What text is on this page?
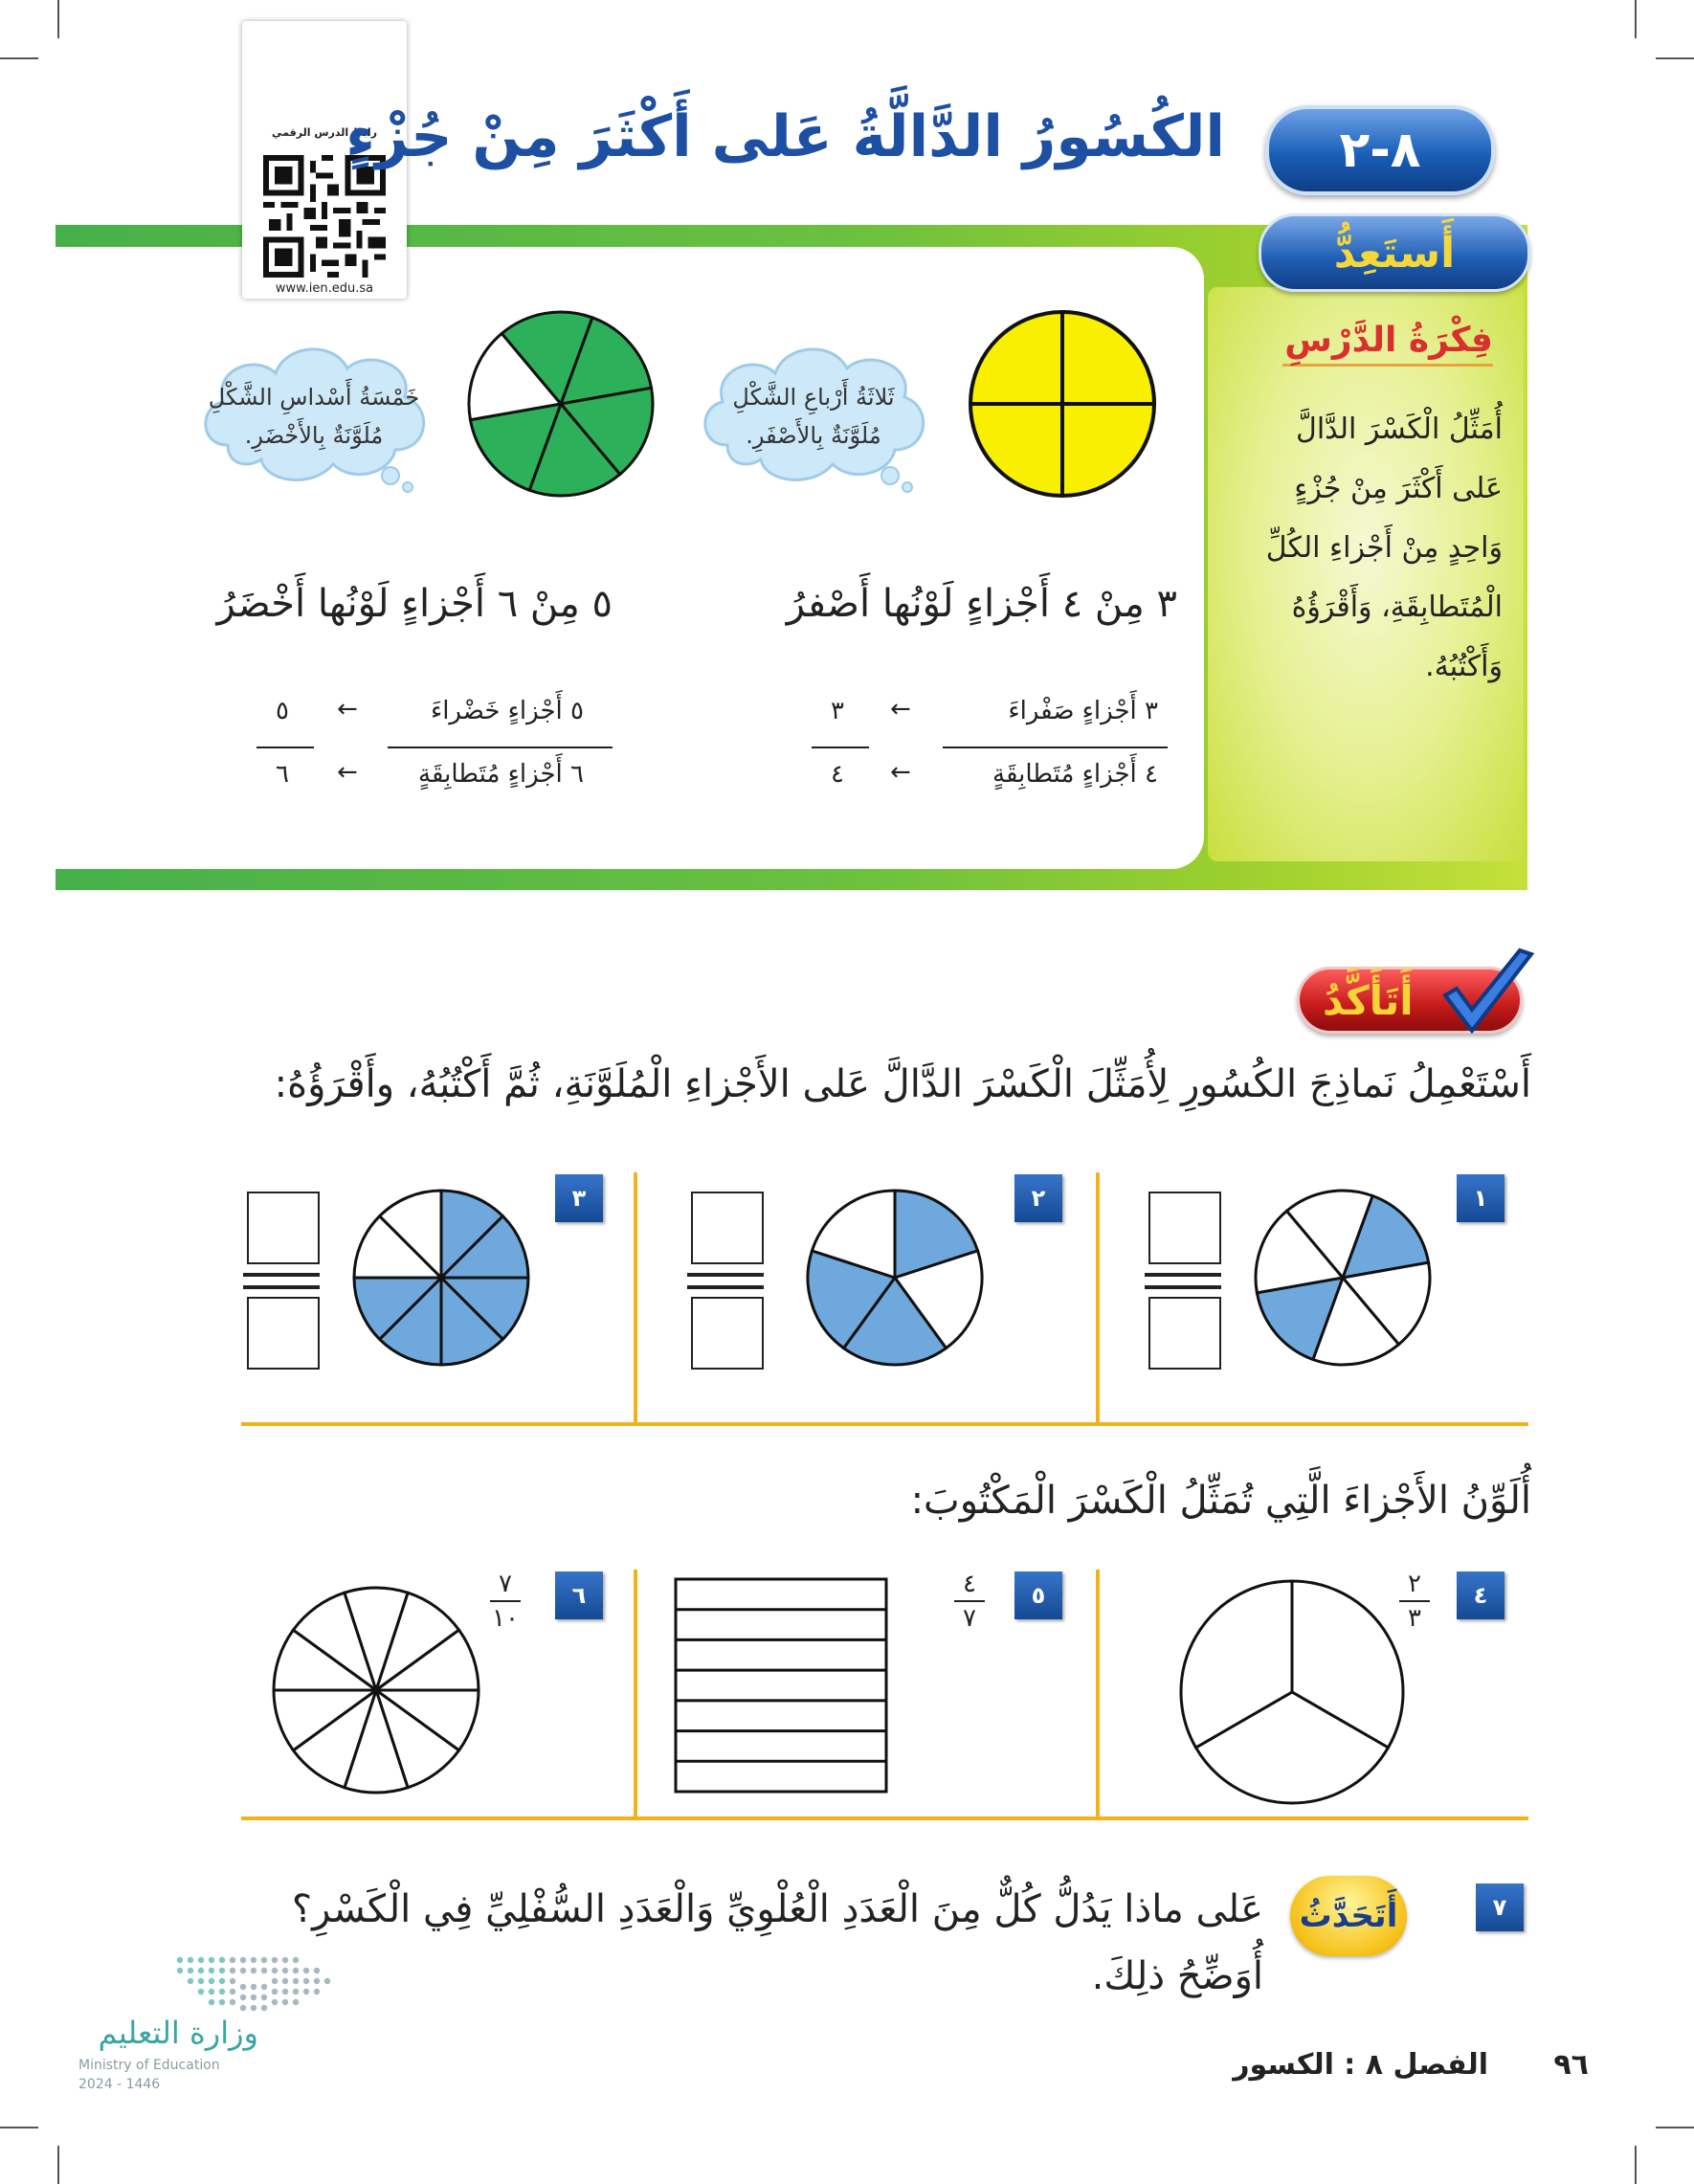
أَستَعِدُّ
فِكْرَةُ الدَّرْسِ
أُمَثِّلُ الْكَسْرَ الدَّالَّ
عَلى أَكْثَرَ مِنْ جُزْءٍ
وَاحِدٍ مِنْ أَجْزاءِ الكُلِّ
الْمُتَطابِقَةِ، وَأَقْرَؤُهُ
وَأَكْتُبُهُ.
رابط الدرس الرقمي
www.ien.edu.sa
٨-٢
الكُسُورُ الدَّالَّةُ عَلى أَكْثَرَ مِنْ جُزْءٍ
ثَلاثَةُ أَرْباعِ الشَّكْلِ
مُلَوَّنَةٌ بِالأَصْفَرِ.
٣ مِنْ ٤ أَجْزاءٍ لَوْنُها أَصْفرُ
٣ أَجْزاءٍ صَفْراءَ
←
٣
٤ أَجْزاءٍ مُتَطابِقَةٍ
←
٤
خَمْسَةُ أَسْداسِ الشَّكْلِ
مُلَوَّنَةٌ بِالأَخْضَرِ.
٥ مِنْ ٦ أَجْزاءٍ لَوْنُها أَخْضَرُ
٥ أَجْزاءٍ خَضْراءَ
←
٥
٦ أَجْزاءٍ مُتَطابِقَةٍ
←
٦
أَتَأَكَّدُ
أَسْتَعْمِلُ نَماذِجَ الكُسُورِ لِأُمَثِّلَ الْكَسْرَ الدَّالَّ عَلى الأَجْزاءِ الْمُلَوَّنَةِ، ثُمَّ أَكْتُبُهُ، وأَقْرَؤُهُ:
١
٢
٣
أُلَوِّنُ الأَجْزاءَ الَّتِي تُمَثِّلُ الْكَسْرَ الْمَكْتُوبَ:
٤
٢
٣
٥
٤
٧
٦
٧
١٠
٧
أَتَحَدَّثُ
عَلى ماذا يَدُلُّ كُلٌّ مِنَ الْعَدَدِ الْعُلْوِيِّ وَالْعَدَدِ السُّفْلِيِّ فِي الْكَسْرِ؟
أُوَضِّحُ ذلِكَ.
٩٦
الفصل ٨ : الكسور
وزارة التعليم
Ministry of Education
2024 - 1446
